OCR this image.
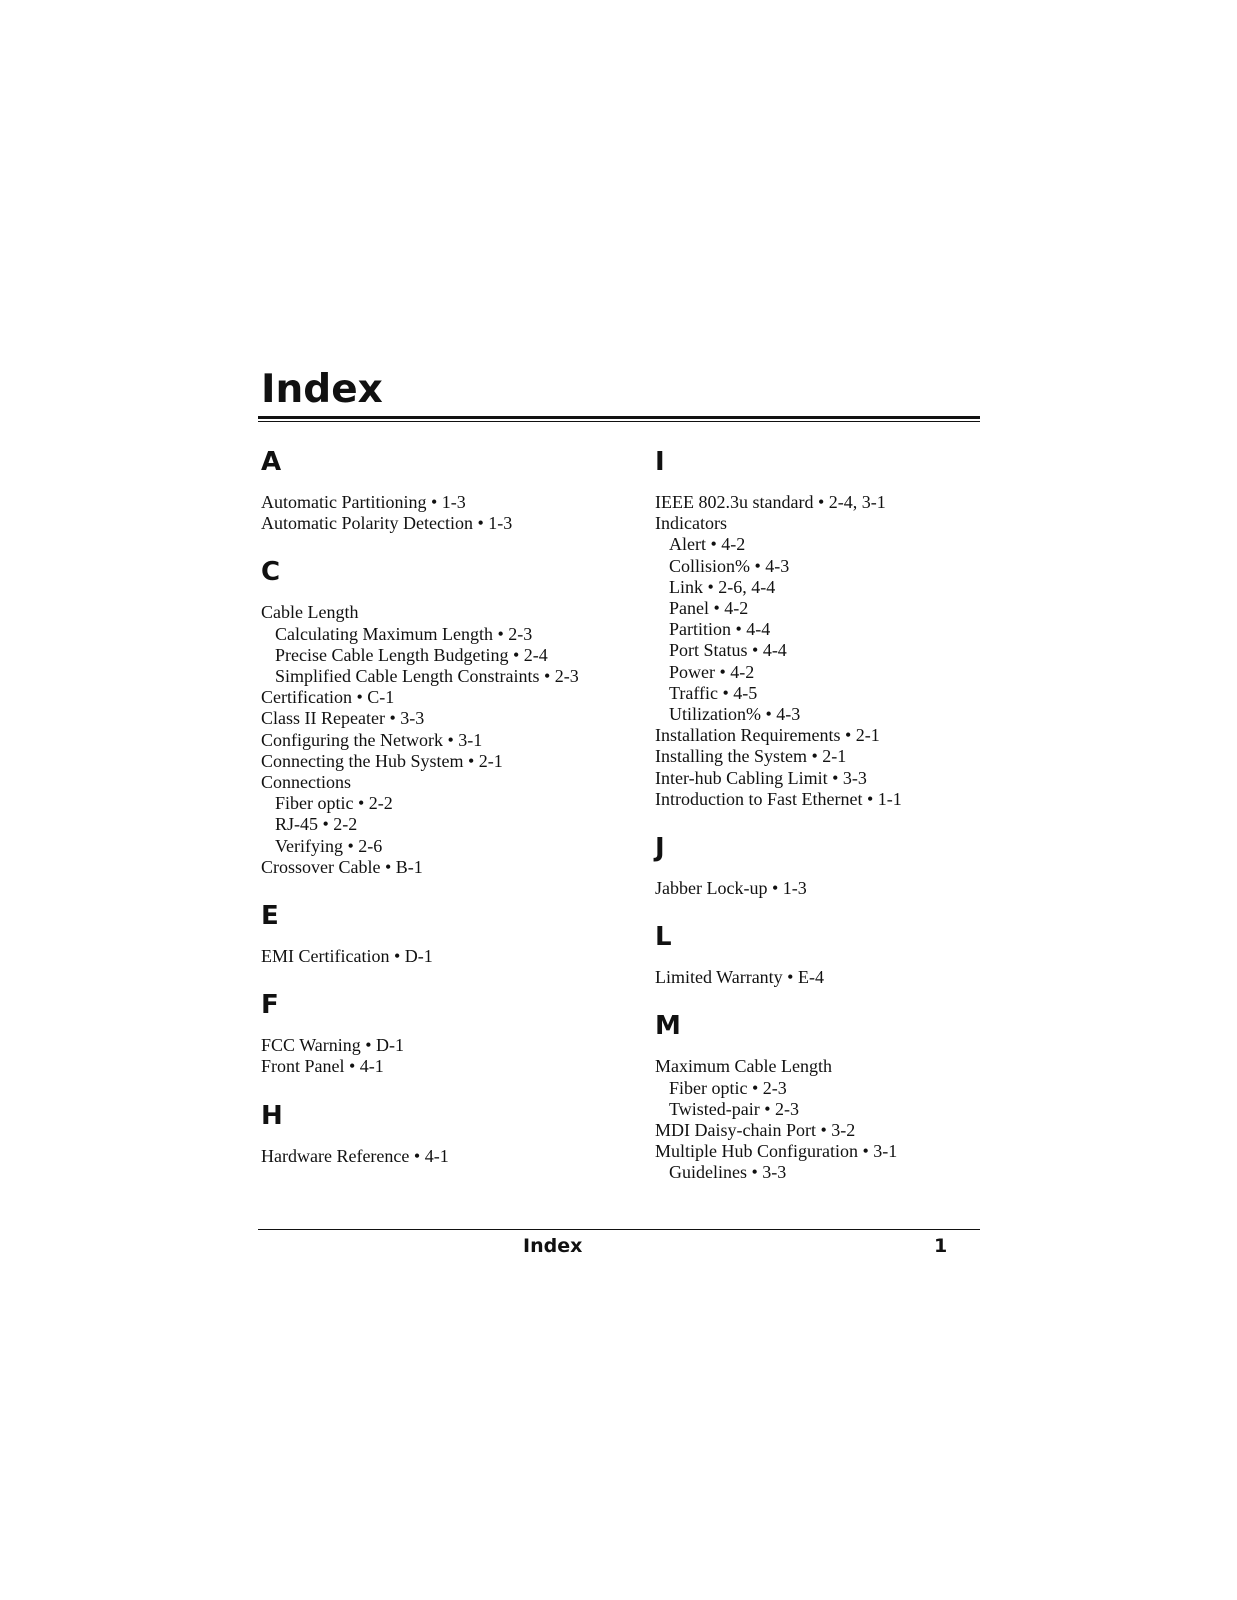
Index
A
Automatic Partitioning • 1-3
Automatic Polarity Detection • 1-3
C
Cable Length
Calculating Maximum Length • 2-3
Precise Cable Length Budgeting • 2-4
Simplified Cable Length Constraints • 2-3
Certification • C-1
Class II Repeater • 3-3
Configuring the Network • 3-1
Connecting the Hub System • 2-1
Connections
Fiber optic • 2-2
RJ-45 • 2-2
Verifying • 2-6
Crossover Cable • B-1
E
EMI Certification • D-1
F
FCC Warning • D-1
Front Panel • 4-1
H
Hardware Reference • 4-1
I
IEEE 802.3u standard • 2-4, 3-1
Indicators
Alert • 4-2
Collision% • 4-3
Link • 2-6, 4-4
Panel • 4-2
Partition • 4-4
Port Status • 4-4
Power • 4-2
Traffic • 4-5
Utilization% • 4-3
Installation Requirements • 2-1
Installing the System • 2-1
Inter-hub Cabling Limit • 3-3
Introduction to Fast Ethernet • 1-1
J
Jabber Lock-up • 1-3
L
Limited Warranty • E-4
M
Maximum Cable Length
Fiber optic • 2-3
Twisted-pair • 2-3
MDI Daisy-chain Port • 3-2
Multiple Hub Configuration • 3-1
Guidelines • 3-3
Index	1
